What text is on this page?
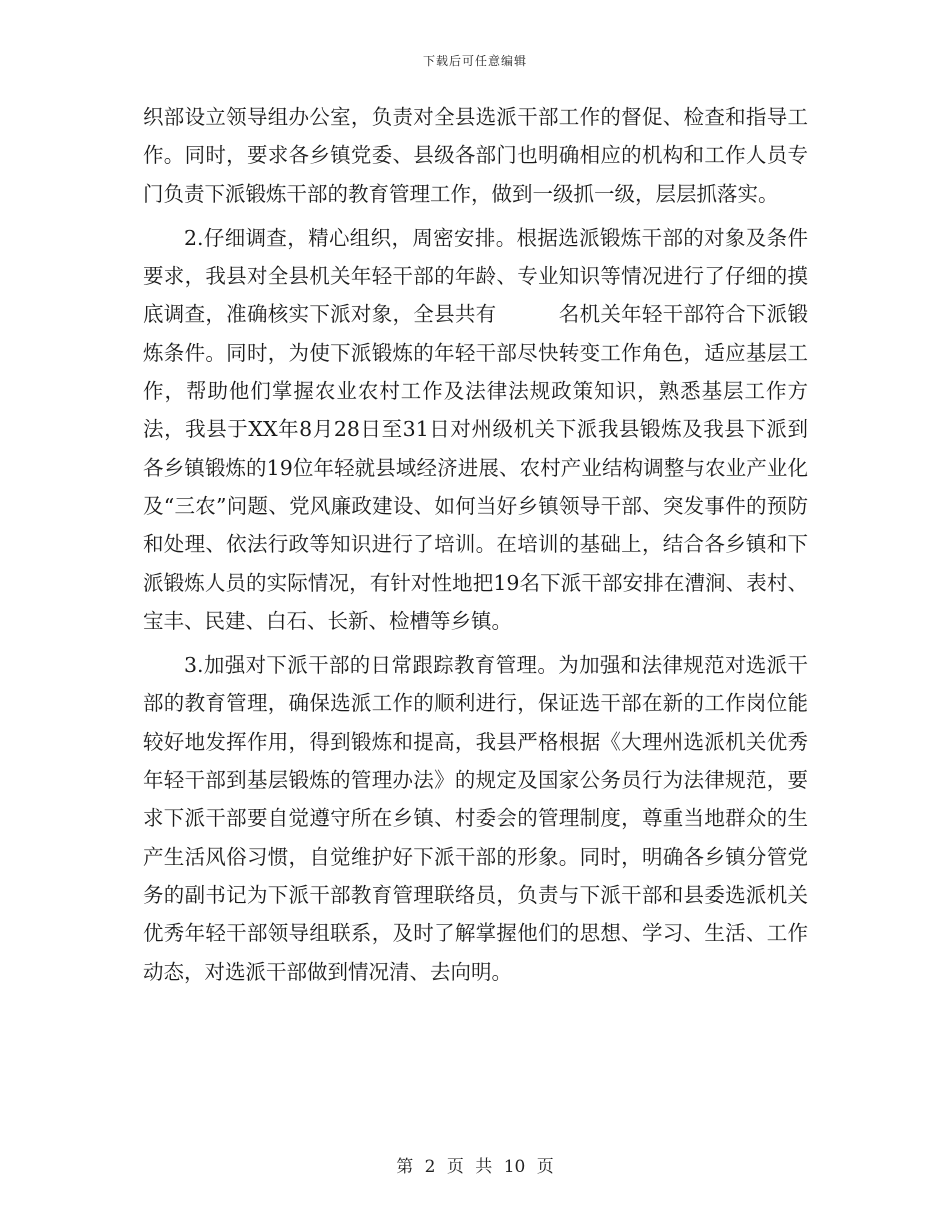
下载后可任意编辑

织部设立领导组办公室，负责对全县选派干部工作的督促、检查和指导工作。同时，要求各乡镇党委、县级各部门也明确相应的机构和工作人员专门负责下派锻炼干部的教育管理工作，做到一级抓一级，层层抓落实。

2.仔细调查，精心组织，周密安排。根据选派锻炼干部的对象及条件要求，我县对全县机关年轻干部的年龄、专业知识等情况进行了仔细的摸底调查，准确核实下派对象，全县共有　　　名机关年轻干部符合下派锻炼条件。同时，为使下派锻炼的年轻干部尽快转变工作角色，适应基层工作，帮助他们掌握农业农村工作及法律法规政策知识，熟悉基层工作方法，我县于XX年8月28日至31日对州级机关下派我县锻炼及我县下派到各乡镇锻炼的19位年轻就县域经济进展、农村产业结构调整与农业产业化及“三农”问题、党风廉政建设、如何当好乡镇领导干部、突发事件的预防和处理、依法行政等知识进行了培训。在培训的基础上，结合各乡镇和下派锻炼人员的实际情况，有针对性地把19名下派干部安排在漕涧、表村、宝丰、民建、白石、长新、检槽等乡镇。

3.加强对下派干部的日常跟踪教育管理。为加强和法律规范对选派干部的教育管理，确保选派工作的顺利进行，保证选干部在新的工作岗位能较好地发挥作用，得到锻炼和提高，我县严格根据《大理州选派机关优秀年轻干部到基层锻炼的管理办法》的规定及国家公务员行为法律规范，要求下派干部要自觉遵守所在乡镇、村委会的管理制度，尊重当地群众的生产生活风俗习惯，自觉维护好下派干部的形象。同时，明确各乡镇分管党务的副书记为下派干部教育管理联络员，负责与下派干部和县委选派机关优秀年轻干部领导组联系，及时了解掌握他们的思想、学习、生活、工作动态，对选派干部做到情况清、去向明。

第 2 页 共 10 页
